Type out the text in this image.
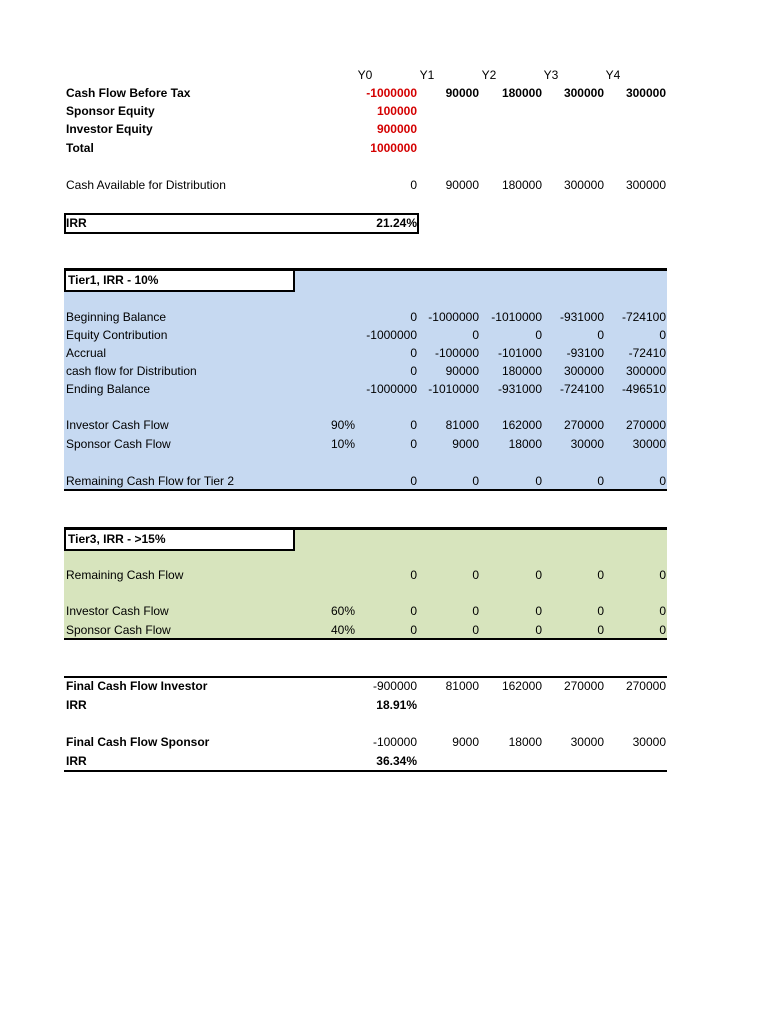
Tier1, IRR - 10%
Tier3, IRR - >15%
Y0	Y1	Y2	Y3	Y4
Cash Flow Before Tax	-1000000 90000 180000 300000 300000
Sponsor Equity	100000
Investor Equity	900000
Total	1000000
Cash Available for Distribution	0 90000 180000 300000 300000
IRR	21.24%
Beginning Balance	0 -1000000 -1010000 -931000 -724100
Equity Contribution	-1000000	0	0	0	0
Accrual	0 -100000 -101000 -93100 -72410
cash flow for Distribution	0 90000 180000 300000 300000
Ending Balance	-1000000 -1010000 -931000 -724100 -496510
Investor Cash Flow	90%	0 81000 162000 270000 270000
Sponsor Cash Flow	10%	0	9000 18000 30000 30000
Remaining Cash Flow for Tier 2	0	0	0	0	0
Remaining Cash Flow	0	0	0	0	0
Investor Cash Flow	60%	0	0	0	0	0
Sponsor Cash Flow	40%	0	0	0	0	0
Final Cash Flow Investor	-900000 81000 162000 270000 270000
IRR	18.91%
Final Cash Flow Sponsor	-100000	9000 18000 30000 30000
IRR	36.34%
